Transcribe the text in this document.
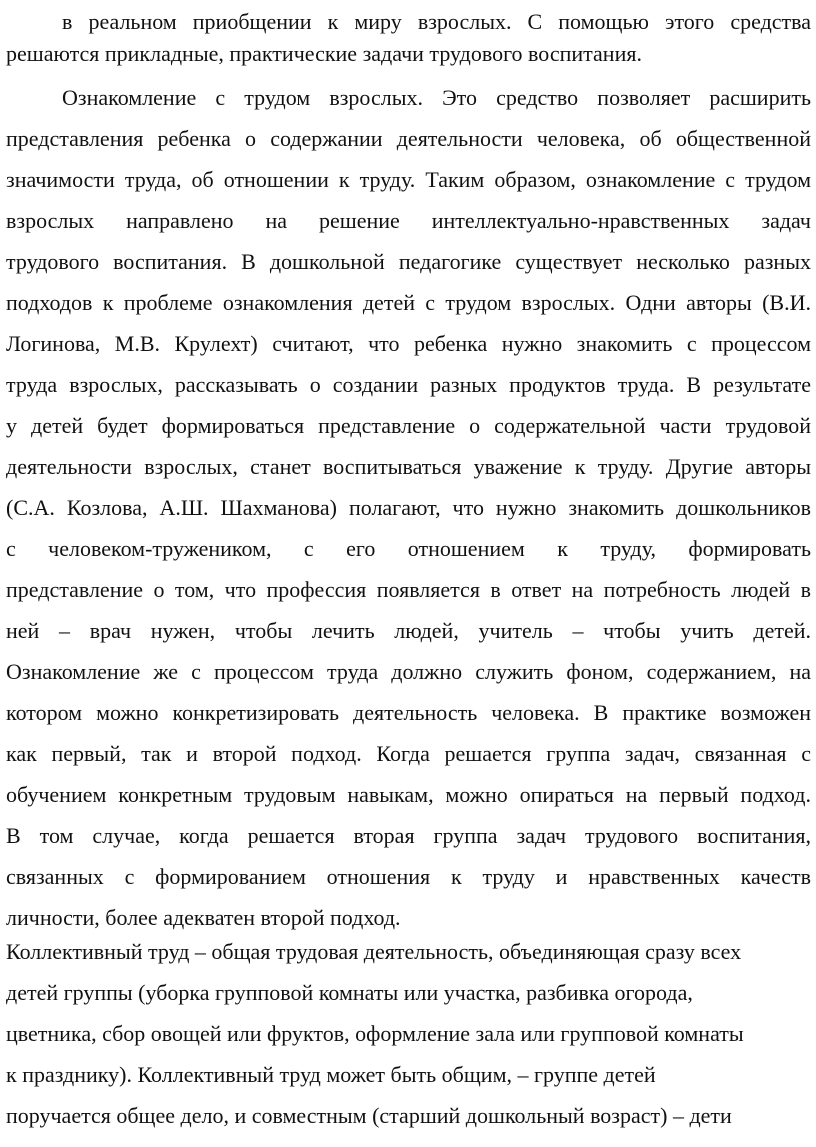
в реальном приобщении к миру взрослых. С помощью этого средства
решаются прикладные, практические задачи трудового воспитания.
Ознакомление с трудом взрослых. Это средство позволяет расширить
представления ребенка о содержании деятельности человека, об общественной
значимости труда, об отношении к труду. Таким образом, ознакомление с трудом
взрослых направлено на решение интеллектуально-нравственных задач
трудового воспитания. В дошкольной педагогике существует несколько разных
подходов к проблеме ознакомления детей с трудом взрослых. Одни авторы (В.И.
Логинова, М.В. Крулехт) считают, что ребенка нужно знакомить с процессом
труда взрослых, рассказывать о создании разных продуктов труда. В результате
у детей будет формироваться представление о содержательной части трудовой
деятельности взрослых, станет воспитываться уважение к труду. Другие авторы
(С.А. Козлова, А.Ш. Шахманова) полагают, что нужно знакомить дошкольников
с человеком-тружеником, с его отношением к труду, формировать
представление о том, что профессия появляется в ответ на потребность людей в
ней – врач нужен, чтобы лечить людей, учитель – чтобы учить детей.
Ознакомление же с процессом труда должно служить фоном, содержанием, на
котором можно конкретизировать деятельность человека. В практике возможен
как первый, так и второй подход. Когда решается группа задач, связанная с
обучением конкретным трудовым навыкам, можно опираться на первый подход.
В том случае, когда решается вторая группа задач трудового воспитания,
связанных с формированием отношения к труду и нравственных качеств
личности, более адекватен второй подход.
Коллективный труд – общая трудовая деятельность, объединяющая сразу всех
детей группы (уборка групповой комнаты или участка, разбивка огорода,
цветника, сбор овощей или фруктов, оформление зала или групповой комнаты
к празднику). Коллективный труд может быть общим, – группе детей
поручается общее дело, и совместным (старший дошкольный возраст) – дети
